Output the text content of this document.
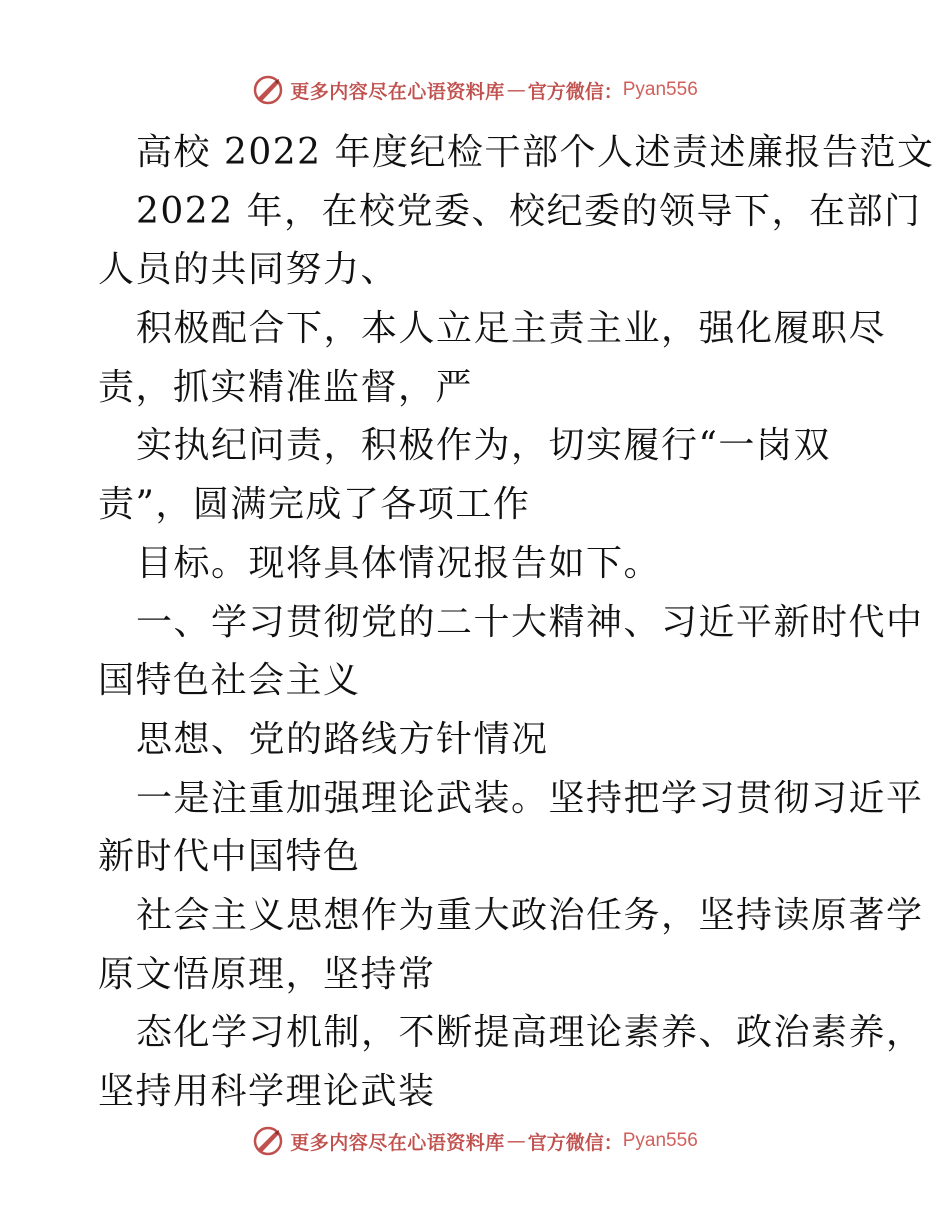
更多内容尽在心语资料库 — 官方微信： Pyan556
高校 2022 年度纪检干部个人述责述廉报告范文
2022 年，在校党委、校纪委的领导下，在部门
人员的共同努力、
积极配合下，本人立足主责主业，强化履职尽
责，抓实精准监督，严
实执纪问责，积极作为，切实履行“一岗双
责”，圆满完成了各项工作
目标。现将具体情况报告如下。
一、学习贯彻党的二十大精神、习近平新时代中
国特色社会主义
思想、党的路线方针情况
一是注重加强理论武装。坚持把学习贯彻习近平
新时代中国特色
社会主义思想作为重大政治任务，坚持读原著学
原文悟原理，坚持常
态化学习机制，不断提高理论素养、政治素养，
坚持用科学理论武装
更多内容尽在心语资料库 — 官方微信： Pyan556
